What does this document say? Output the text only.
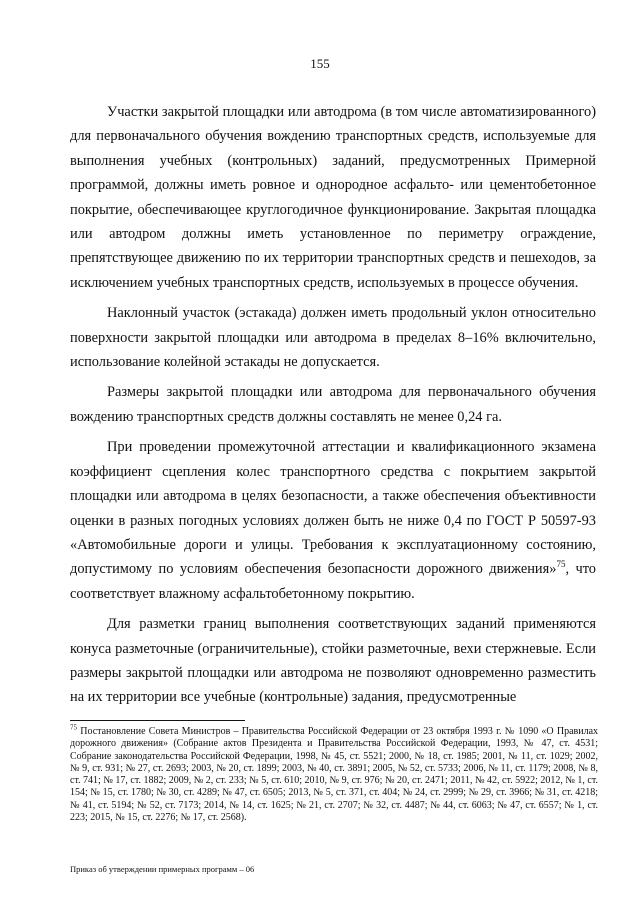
155

Участки закрытой площадки или автодрома (в том числе автоматизированного) для первоначального обучения вождению транспортных средств, используемые для выполнения учебных (контрольных) заданий, предусмотренных Примерной программой, должны иметь ровное и однородное асфальто- или цементобетонное покрытие, обеспечивающее круглогодичное функционирование. Закрытая площадка или автодром должны иметь установленное по периметру ограждение, препятствующее движению по их территории транспортных средств и пешеходов, за исключением учебных транспортных средств, используемых в процессе обучения.

Наклонный участок (эстакада) должен иметь продольный уклон относительно поверхности закрытой площадки или автодрома в пределах 8–16% включительно, использование колейной эстакады не допускается.

Размеры закрытой площадки или автодрома для первоначального обучения вождению транспортных средств должны составлять не менее 0,24 га.

При проведении промежуточной аттестации и квалификационного экзамена коэффициент сцепления колес транспортного средства с покрытием закрытой площадки или автодрома в целях безопасности, а также обеспечения объективности оценки в разных погодных условиях должен быть не ниже 0,4 по ГОСТ Р 50597-93 «Автомобильные дороги и улицы. Требования к эксплуатационному состоянию, допустимому по условиям обеспечения безопасности дорожного движения»$^{75}$, что соответствует влажному асфальтобетонному покрытию.

Для разметки границ выполнения соответствующих заданий применяются конуса разметочные (ограничительные), стойки разметочные, вехи стержневые. Если размеры закрытой площадки или автодрома не позволяют одновременно разместить на их территории все учебные (контрольные) задания, предусмотренные

$^{75}$ Постановление Совета Министров – Правительства Российской Федерации от 23 октября 1993 г. № 1090 «О Правилах дорожного движения» (Собрание актов Президента и Правительства Российской Федерации, 1993, № 47, ст. 4531; Собрание законодательства Российской Федерации, 1998, № 45, ст. 5521; 2000, № 18, ст. 1985; 2001, № 11, ст. 1029; 2002, № 9, ст. 931; № 27, ст. 2693; 2003, № 20, ст. 1899; 2003, № 40, ст. 3891; 2005, № 52, ст. 5733; 2006, № 11, ст. 1179; 2008, № 8, ст. 741; № 17, ст. 1882; 2009, № 2, ст. 233; № 5, ст. 610; 2010, № 9, ст. 976; № 20, ст. 2471; 2011, № 42, ст. 5922; 2012, № 1, ст. 154; № 15, ст. 1780; № 30, ст. 4289; № 47, ст. 6505; 2013, № 5, ст. 371, ст. 404; № 24, ст. 2999; № 29, ст. 3966; № 31, ст. 4218; № 41, ст. 5194; № 52, ст. 7173; 2014, № 14, ст. 1625; № 21, ст. 2707; № 32, ст. 4487; № 44, ст. 6063; № 47, ст. 6557; № 1, ст. 223; 2015, № 15, ст. 2276; № 17, ст. 2568).

Приказ об утверждении примерных программ – 06
